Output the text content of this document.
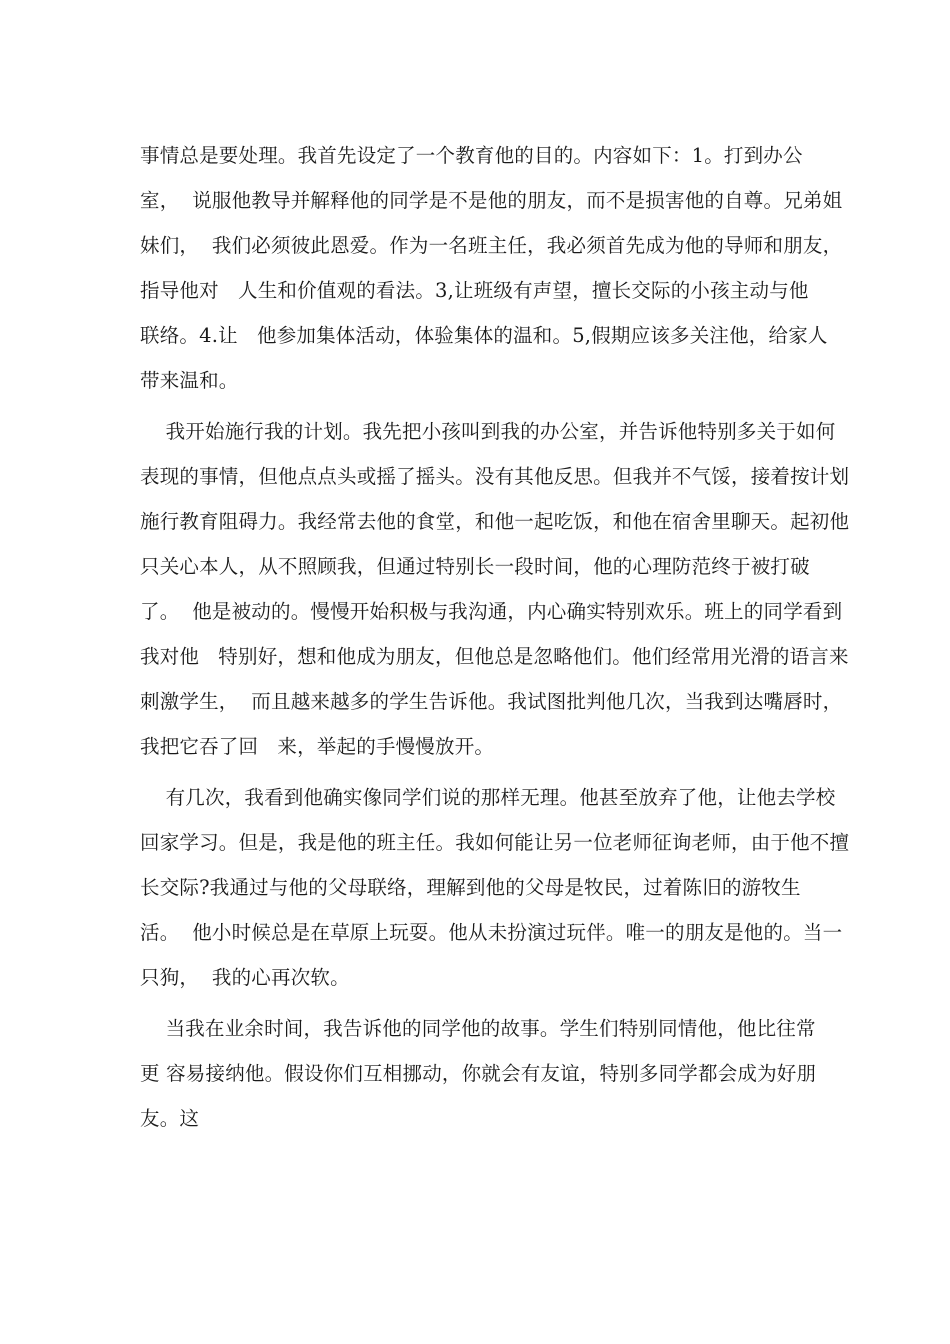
事情总是要处理。我首先设定了一个教育他的目的。内容如下：1。打到办公
室，  说服他教导并解释他的同学是不是他的朋友，而不是损害他的自尊。兄弟姐
妹们，  我们必须彼此恩爱。作为一名班主任，我必须首先成为他的导师和朋友，
指导他对   人生和价值观的看法。3,让班级有声望，擅长交际的小孩主动与他
联络。4.让   他参加集体活动，体验集体的温和。5,假期应该多关注他，给家人
带来温和。
我开始施行我的计划。我先把小孩叫到我的办公室，并告诉他特别多关于如何
表现的事情，但他点点头或摇了摇头。没有其他反思。但我并不气馁，接着按计划
施行教育阻碍力。我经常去他的食堂，和他一起吃饭，和他在宿舍里聊天。起初他
只关心本人，从不照顾我，但通过特别长一段时间，他的心理防范终于被打破
了。  他是被动的。慢慢开始积极与我沟通，内心确实特别欢乐。班上的同学看到
我对他   特别好，想和他成为朋友，但他总是忽略他们。他们经常用光滑的语言来
刺激学生，  而且越来越多的学生告诉他。我试图批判他几次，当我到达嘴唇时，
我把它吞了回   来，举起的手慢慢放开。
有几次，我看到他确实像同学们说的那样无理。他甚至放弃了他，让他去学校
回家学习。但是，我是他的班主任。我如何能让另一位老师征询老师，由于他不擅
长交际?我通过与他的父母联络，理解到他的父母是牧民，过着陈旧的游牧生
活。  他小时候总是在草原上玩耍。他从未扮演过玩伴。唯一的朋友是他的。当一
只狗，  我的心再次软。
当我在业余时间，我告诉他的同学他的故事。学生们特别同情他，他比往常
更 容易接纳他。假设你们互相挪动，你就会有友谊，特别多同学都会成为好朋
友。这
